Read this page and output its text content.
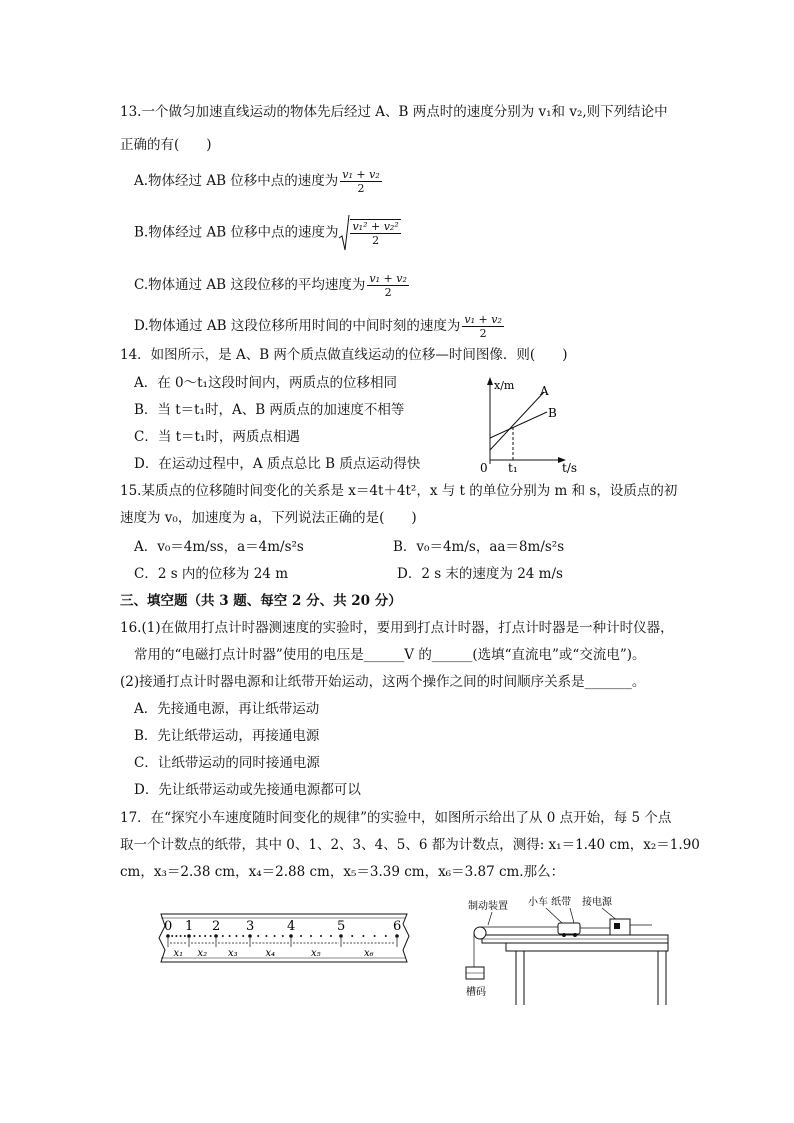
13.一个做匀加速直线运动的物体先后经过 A、B 两点时的速度分别为 v₁和 v₂,则下列结论中
正确的有(　　)
A.物体经过 AB 位移中点的速度为 $\frac{\text{v₁ + v₂}}{2}$
B.物体经过 AB 位移中点的速度为 $\frac{\text{v₁² + v₂²}}{2}$
C.物体通过 AB 这段位移的平均速度为 $\frac{\text{v₁ + v₂}}{2}$
D.物体通过 AB 这段位移所用时间的中间时刻的速度为 $\frac{\text{v₁ + v₂}}{2}$
14．如图所示，是 A、B 两个质点做直线运动的位移—时间图像．则(　　)
A．在 0～t₁这段时间内，两质点的位移相同
B．当 t＝t₁时，A、B 两质点的加速度不相等
C．当 t＝t₁时，两质点相遇
D．在运动过程中，A 质点总比 B 质点运动得快
x/m A
B
0 t₁	t/s
15.某质点的位移随时间变化的关系是 x＝4t＋4t²，x 与 t 的单位分别为 m 和 s，设质点的初
速度为 v₀，加速度为 a，下列说法正确的是(　　)
A．v₀＝4m/ss，a＝4m/s²s	B．v₀＝4m/s，aa＝8m/s²s
C．2 s 内的位移为 24 m	D．2 s 末的速度为 24 m/s
三、填空题（共 3 题、每空 2 分、共 20 分）
16.(1)在做用打点计时器测速度的实验时，要用到打点计时器，打点计时器是一种计时仪器，
常用的“电磁打点计时器”使用的电压是______V 的______(选填“直流电”或“交流电”)。
(2)接通打点计时器电源和让纸带开始运动，这两个操作之间的时间顺序关系是_______。
A．先接通电源，再让纸带运动
B．先让纸带运动，再接通电源
C．让纸带运动的同时接通电源
D．先让纸带运动或先接通电源都可以
17．在“探究小车速度随时间变化的规律”的实验中，如图所示给出了从 0 点开始，每 5 个点
取一个计数点的纸带，其中 0、1、2、3、4、5、6 都为计数点，测得: x₁＝1.40 cm，x₂＝1.90
cm，x₃＝2.38 cm，x₄＝2.88 cm，x₅＝3.39 cm，x₆＝3.87 cm.那么：
0 1 2 3	4	5	6
x₁ x₂ x₃	x₄	x₅	x₆
制动装置 小车 纸带 接电源
槽码
